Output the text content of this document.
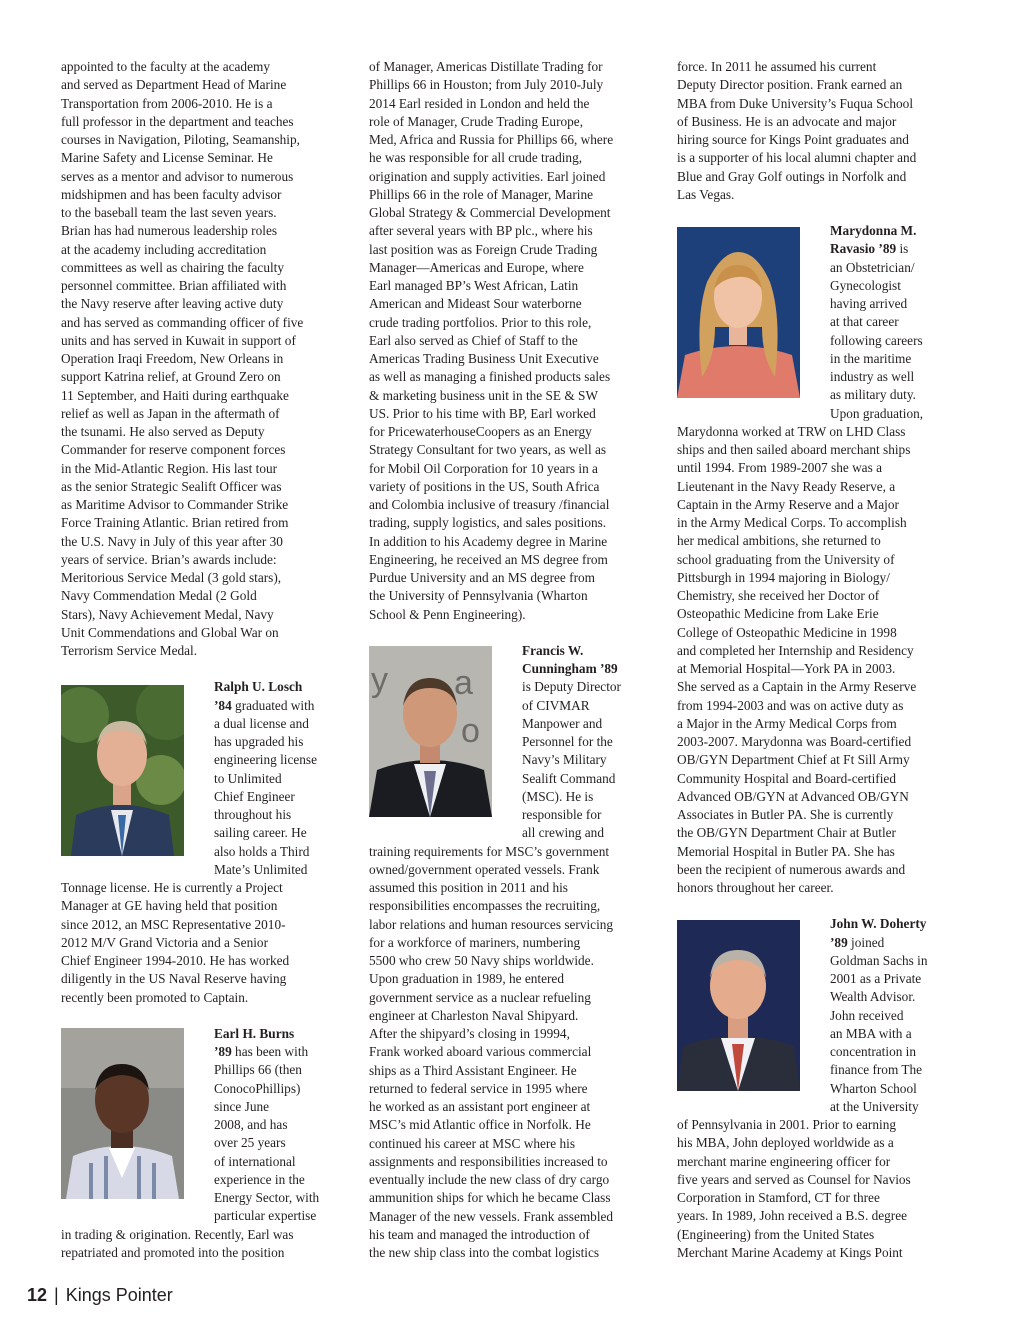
appointed to the faculty at the academy
and served as Department Head of Marine
Transportation from 2006-2010. He is a
full professor in the department and teaches
courses in Navigation, Piloting, Seamanship,
Marine Safety and License Seminar. He
serves as a mentor and advisor to numerous
midshipmen and has been faculty advisor
to the baseball team the last seven years.
Brian has had numerous leadership roles
at the academy including accreditation
committees as well as chairing the faculty
personnel committee. Brian affiliated with
the Navy reserve after leaving active duty
and has served as commanding officer of five
units and has served in Kuwait in support of
Operation Iraqi Freedom, New Orleans in
support Katrina relief, at Ground Zero on
11 September, and Haiti during earthquake
relief as well as Japan in the aftermath of
the tsunami. He also served as Deputy
Commander for reserve component forces
in the Mid-Atlantic Region. His last tour
as the senior Strategic Sealift Officer was
as Maritime Advisor to Commander Strike
Force Training Atlantic. Brian retired from
the U.S. Navy in July of this year after 30
years of service. Brian’s awards include:
Meritorious Service Medal (3 gold stars),
Navy Commendation Medal (2 Gold
Stars), Navy Achievement Medal, Navy
Unit Commendations and Global War on
Terrorism Service Medal.

Ralph U. Losch
’84 graduated with
a dual license and
has upgraded his
engineering license
to Unlimited
Chief Engineer
throughout his
sailing career. He
also holds a Third
Mate’s Unlimited

Tonnage license. He is currently a Project
Manager at GE having held that position
since 2012, an MSC Representative 2010-
2012 M/V Grand Victoria and a Senior
Chief Engineer 1994-2010. He has worked
diligently in the US Naval Reserve having
recently been promoted to Captain.

Earl H. Burns
’89 has been with
Phillips 66 (then
ConocoPhillips)
since June
2008, and has
over 25 years
of international
experience in the
Energy Sector, with
particular expertise

in trading & origination. Recently, Earl was
repatriated and promoted into the position

of Manager, Americas Distillate Trading for
Phillips 66 in Houston; from July 2010-July
2014 Earl resided in London and held the
role of Manager, Crude Trading Europe,
Med, Africa and Russia for Phillips 66, where
he was responsible for all crude trading,
origination and supply activities. Earl joined
Phillips 66 in the role of Manager, Marine
Global Strategy & Commercial Development
after several years with BP plc., where his
last position was as Foreign Crude Trading
Manager—Americas and Europe, where
Earl managed BP’s West African, Latin
American and Mideast Sour waterborne
crude trading portfolios. Prior to this role,
Earl also served as Chief of Staff to the
Americas Trading Business Unit Executive
as well as managing a finished products sales
& marketing business unit in the SE & SW
US. Prior to his time with BP, Earl worked
for PricewaterhouseCoopers as an Energy
Strategy Consultant for two years, as well as
for Mobil Oil Corporation for 10 years in a
variety of positions in the US, South Africa
and Colombia inclusive of treasury /financial
trading, supply logistics, and sales positions.
In addition to his Academy degree in Marine
Engineering, he received an MS degree from
Purdue University and an MS degree from
the University of Pennsylvania (Wharton
School & Penn Engineering).

y a
o
Francis W.
Cunningham ’89
is Deputy Director
of CIVMAR
Manpower and
Personnel for the
Navy’s Military
Sealift Command
(MSC). He is
responsible for
all crewing and

training requirements for MSC’s government
owned/government operated vessels. Frank
assumed this position in 2011 and his
responsibilities encompasses the recruiting,
labor relations and human resources servicing
for a workforce of mariners, numbering
5500 who crew 50 Navy ships worldwide.
Upon graduation in 1989, he entered
government service as a nuclear refueling
engineer at Charleston Naval Shipyard.
After the shipyard’s closing in 19994,
Frank worked aboard various commercial
ships as a Third Assistant Engineer. He
returned to federal service in 1995 where
he worked as an assistant port engineer at
MSC’s mid Atlantic office in Norfolk. He
continued his career at MSC where his
assignments and responsibilities increased to
eventually include the new class of dry cargo
ammunition ships for which he became Class
Manager of the new vessels. Frank assembled
his team and managed the introduction of
the new ship class into the combat logistics

force. In 2011 he assumed his current
Deputy Director position. Frank earned an
MBA from Duke University’s Fuqua School
of Business. He is an advocate and major
hiring source for Kings Point graduates and
is a supporter of his local alumni chapter and
Blue and Gray Golf outings in Norfolk and
Las Vegas.

Marydonna M.
Ravasio ’89 is
an Obstetrician/
Gynecologist
having arrived
at that career
following careers
in the maritime
industry as well
as military duty.
Upon graduation,

Marydonna worked at TRW on LHD Class
ships and then sailed aboard merchant ships
until 1994. From 1989-2007 she was a
Lieutenant in the Navy Ready Reserve, a
Captain in the Army Reserve and a Major
in the Army Medical Corps. To accomplish
her medical ambitions, she returned to
school graduating from the University of
Pittsburgh in 1994 majoring in Biology/
Chemistry, she received her Doctor of
Osteopathic Medicine from Lake Erie
College of Osteopathic Medicine in 1998
and completed her Internship and Residency
at Memorial Hospital—York PA in 2003.
She served as a Captain in the Army Reserve
from 1994-2003 and was on active duty as
a Major in the Army Medical Corps from
2003-2007. Marydonna was Board-certified
OB/GYN Department Chief at Ft Sill Army
Community Hospital and Board-certified
Advanced OB/GYN at Advanced OB/GYN
Associates in Butler PA. She is currently
the OB/GYN Department Chair at Butler
Memorial Hospital in Butler PA. She has
been the recipient of numerous awards and
honors throughout her career.

John W. Doherty
’89 joined
Goldman Sachs in
2001 as a Private
Wealth Advisor.
John received
an MBA with a
concentration in
finance from The
Wharton School
at the University

of Pennsylvania in 2001. Prior to earning
his MBA, John deployed worldwide as a
merchant marine engineering officer for
five years and served as Counsel for Navios
Corporation in Stamford, CT for three
years. In 1989, John received a B.S. degree
(Engineering) from the United States
Merchant Marine Academy at Kings Point

12 | Kings Pointer
